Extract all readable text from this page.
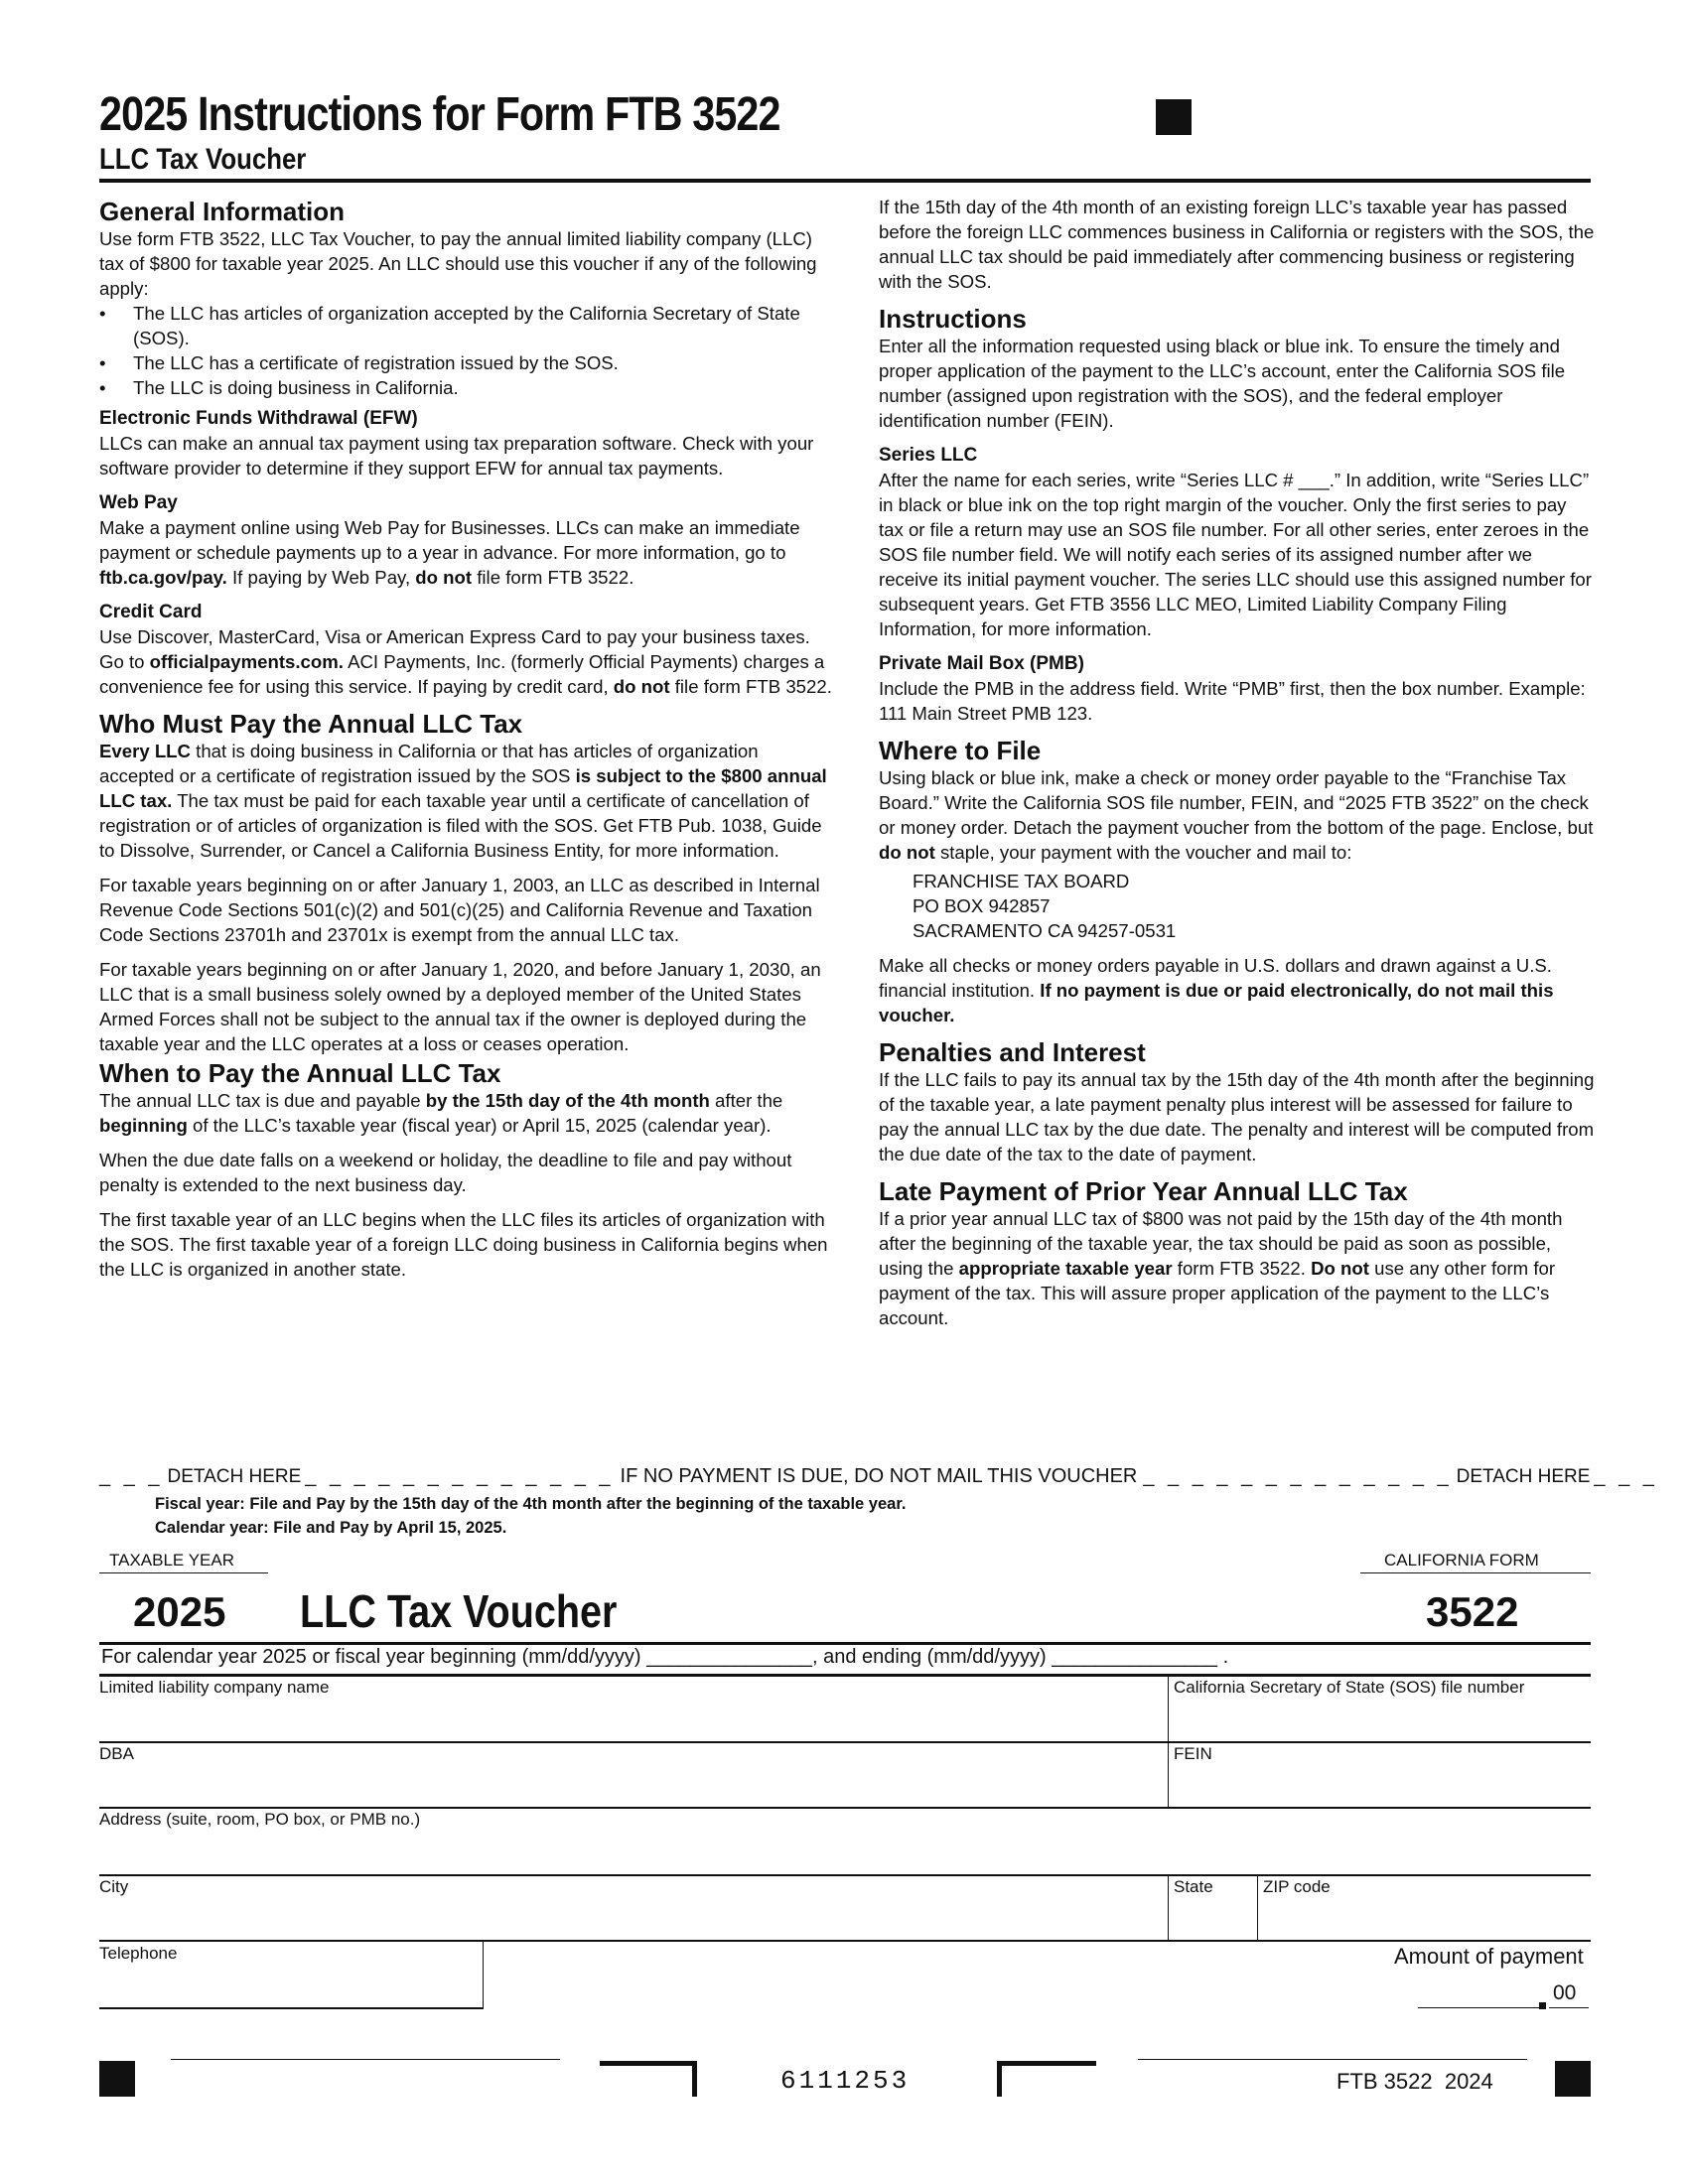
2025 Instructions for Form FTB 3522
LLC Tax Voucher
General Information

Use form FTB 3522, LLC Tax Voucher, to pay the annual limited liability company (LLC) tax of $800 for taxable year 2025. An LLC should use this voucher if any of the following apply:

• The LLC has articles of organization accepted by the California Secretary of State (SOS).
• The LLC has a certificate of registration issued by the SOS.
• The LLC is doing business in California.
Electronic Funds Withdrawal (EFW)

LLCs can make an annual tax payment using tax preparation software. Check with your software provider to determine if they support EFW for annual tax payments.

Web Pay

Make a payment online using Web Pay for Businesses. LLCs can make an immediate payment or schedule payments up to a year in advance. For more information, go to ftb.ca.gov/pay. If paying by Web Pay, do not file form FTB 3522.

Credit Card

Use Discover, MasterCard, Visa or American Express Card to pay your business taxes. Go to officialpayments.com. ACI Payments, Inc. (formerly Official Payments) charges a convenience fee for using this service. If paying by credit card, do not file form FTB 3522.

Who Must Pay the Annual LLC Tax

Every LLC that is doing business in California or that has articles of organization accepted or a certificate of registration issued by the SOS is subject to the $800 annual LLC tax. The tax must be paid for each taxable year until a certificate of cancellation of registration or of articles of organization is filed with the SOS. Get FTB Pub. 1038, Guide to Dissolve, Surrender, or Cancel a California Business Entity, for more information.

For taxable years beginning on or after January 1, 2003, an LLC as described in Internal Revenue Code Sections 501(c)(2) and 501(c)(25) and California Revenue and Taxation Code Sections 23701h and 23701x is exempt from the annual LLC tax.

For taxable years beginning on or after January 1, 2020, and before January 1, 2030, an LLC that is a small business solely owned by a deployed member of the United States Armed Forces shall not be subject to the annual tax if the owner is deployed during the taxable year and the LLC operates at a loss or ceases operation.

When to Pay the Annual LLC Tax

The annual LLC tax is due and payable by the 15th day of the 4th month after the beginning of the LLC’s taxable year (fiscal year) or April 15, 2025 (calendar year).

When the due date falls on a weekend or holiday, the deadline to file and pay without penalty is extended to the next business day.

The first taxable year of an LLC begins when the LLC files its articles of organization with the SOS. The first taxable year of a foreign LLC doing business in California begins when the LLC is organized in another state.

If the 15th day of the 4th month of an existing foreign LLC’s taxable year has passed before the foreign LLC commences business in California or registers with the SOS, the annual LLC tax should be paid immediately after commencing business or registering with the SOS.

Instructions

Enter all the information requested using black or blue ink. To ensure the timely and proper application of the payment to the LLC’s account, enter the California SOS file number (assigned upon registration with the SOS), and the federal employer identification number (FEIN).

Series LLC

After the name for each series, write “Series LLC # ___.” In addition, write “Series LLC” in black or blue ink on the top right margin of the voucher. Only the first series to pay tax or file a return may use an SOS file number. For all other series, enter zeroes in the SOS file number field. We will notify each series of its assigned number after we receive its initial payment voucher. The series LLC should use this assigned number for subsequent years. Get FTB 3556 LLC MEO, Limited Liability Company Filing Information, for more information.

Private Mail Box (PMB)

Include the PMB in the address field. Write “PMB” first, then the box number. Example: 111 Main Street PMB 123.

Where to File

Using black or blue ink, make a check or money order payable to the “Franchise Tax Board.” Write the California SOS file number, FEIN, and “2025 FTB 3522” on the check or money order. Detach the payment voucher from the bottom of the page. Enclose, but do not staple, your payment with the voucher and mail to:

FRANCHISE TAX BOARD
PO BOX 942857
SACRAMENTO CA 94257-0531

Make all checks or money orders payable in U.S. dollars and drawn against a U.S. financial institution. If no payment is due or paid electronically, do not mail this voucher.

Penalties and Interest

If the LLC fails to pay its annual tax by the 15th day of the 4th month after the beginning of the taxable year, a late payment penalty plus interest will be assessed for failure to pay the annual LLC tax by the due date. The penalty and interest will be computed from the due date of the tax to the date of payment.

Late Payment of Prior Year Annual LLC Tax

If a prior year annual LLC tax of $800 was not paid by the 15th day of the 4th month after the beginning of the taxable year, the tax should be paid as soon as possible, using the appropriate taxable year form FTB 3522. Do not use any other form for payment of the tax. This will assure proper application of the payment to the LLC’s account.

_ _ _ DETACH HERE _ _ _ _ _ _ _ _ _ _ _ _ _ IF NO PAYMENT IS DUE, DO NOT MAIL THIS VOUCHER _ _ _ _ _ _ _ _ _ _ _ _ _ DETACH HERE _ _ _
Fiscal year: File and Pay by the 15th day of the 4th month after the beginning of the taxable year.
Calendar year: File and Pay by April 15, 2025.
TAXABLE YEAR	CALIFORNIA FORM
2025 LLC Tax Voucher	3522
For calendar year 2025 or fiscal year beginning (mm/dd/yyyy) _______________, and ending (mm/dd/yyyy) _______________ .
Limited liability company name	California Secretary of State (SOS) file number
DBA	FEIN
Address (suite, room, PO box, or PMB no.)
City	State	ZIP code
Telephone	Amount of payment
00
6111253	FTB 3522  2024
